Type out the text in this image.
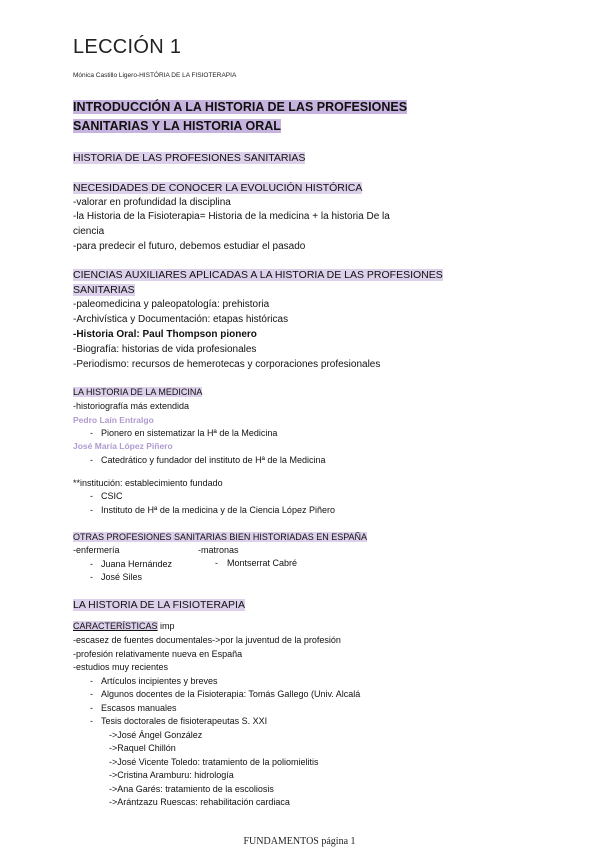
LECCIÓN 1
Mónica Castillo Ligero-HISTÓRIA DE LA FISIOTERAPIA
INTRODUCCIÓN A LA HISTORIA DE LAS PROFESIONES
SANITARIAS Y LA HISTORIA ORAL
HISTORIA DE LAS PROFESIONES SANITARIAS
NECESIDADES DE CONOCER LA EVOLUCIÓN HISTÓRICA
-valorar en profundidad la disciplina
-la Historia de la Fisioterapia= Historia de la medicina + la historia De la
ciencia
-para predecir el futuro, debemos estudiar el pasado
CIENCIAS AUXILIARES APLICADAS A LA HISTORIA DE LAS PROFESIONES
SANITARIAS
-paleomedicina y paleopatología: prehistoria
-Archivística y Documentación: etapas históricas
-Historia Oral: Paul Thompson pionero
-Biografía: historias de vida profesionales
-Periodismo: recursos de hemerotecas y corporaciones profesionales
LA HISTORIA DE LA MEDICINA
-historiografía más extendida
Pedro Laín Entralgo
- Pionero en sistematizar la Hª de la Medicina
José María López Piñero
- Catedrático y fundador del instituto de Hª de la Medicina
**institución: establecimiento fundado
- CSIC
- Instituto de Hª de la medicina y de la Ciencia López Piñero
OTRAS PROFESIONES SANITARIAS BIEN HISTORIADAS EN ESPAÑA
-enfermería	-matronas
- Juana Hernández	- Montserrat Cabré
- José Siles
LA HISTORIA DE LA FISIOTERAPIA
CARACTERÍSTICAS imp
-escasez de fuentes documentales->por la juventud de la profesión
-profesión relativamente nueva en España
-estudios muy recientes
- Artículos incipientes y breves
- Algunos docentes de la Fisioterapia: Tomás Gallego (Univ. Alcalá
- Escasos manuales
- Tesis doctorales de fisioterapeutas S. XXI
->José Ángel González
->Raquel Chillón
->José Vicente Toledo: tratamiento de la poliomielitis
->Cristina Aramburu: hidrología
->Ana Garés: tratamiento de la escoliosis
->Arántzazu Ruescas: rehabilitación cardiaca
FUNDAMENTOS página 1
